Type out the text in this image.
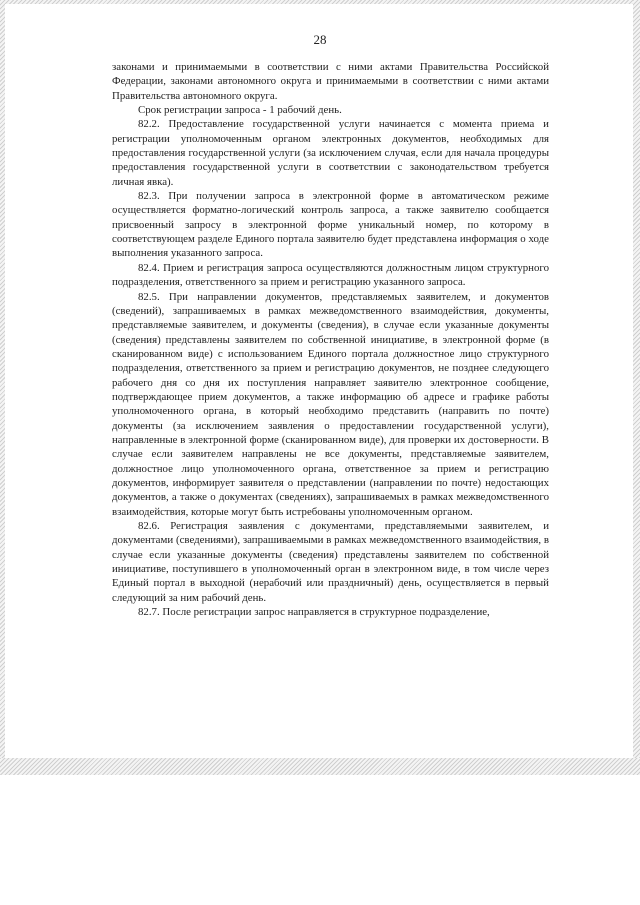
28

законами и принимаемыми в соответствии с ними актами Правительства Российской Федерации, законами автономного округа и принимаемыми в соответствии с ними актами Правительства автономного округа.

Срок регистрации запроса - 1 рабочий день.

82.2. Предоставление государственной услуги начинается с момента приема и регистрации уполномоченным органом электронных документов, необходимых для предоставления государственной услуги (за исключением случая, если для начала процедуры предоставления государственной услуги в соответствии с законодательством требуется личная явка).

82.3. При получении запроса в электронной форме в автоматическом режиме осуществляется форматно-логический контроль запроса, а также заявителю сообщается присвоенный запросу в электронной форме уникальный номер, по которому в соответствующем разделе Единого портала заявителю будет представлена информация о ходе выполнения указанного запроса.

82.4. Прием и регистрация запроса осуществляются должностным лицом структурного подразделения, ответственного за прием и регистрацию указанного запроса.

82.5. При направлении документов, представляемых заявителем, и документов (сведений), запрашиваемых в рамках межведомственного взаимодействия, документы, представляемые заявителем, и документы (сведения), в случае если указанные документы (сведения) представлены заявителем по собственной инициативе, в электронной форме (в сканированном виде) с использованием Единого портала должностное лицо структурного подразделения, ответственного за прием и регистрацию документов, не позднее следующего рабочего дня со дня их поступления направляет заявителю электронное сообщение, подтверждающее прием документов, а также информацию об адресе и графике работы уполномоченного органа, в который необходимо представить (направить по почте) документы (за исключением заявления о предоставлении государственной услуги), направленные в электронной форме (сканированном виде), для проверки их достоверности. В случае если заявителем направлены не все документы, представляемые заявителем, должностное лицо уполномоченного органа, ответственное за прием и регистрацию документов, информирует заявителя о представлении (направлении по почте) недостающих документов, а также о документах (сведениях), запрашиваемых в рамках межведомственного взаимодействия, которые могут быть истребованы уполномоченным органом.

82.6. Регистрация заявления с документами, представляемыми заявителем, и документами (сведениями), запрашиваемыми в рамках межведомственного взаимодействия, в случае если указанные документы (сведения) представлены заявителем по собственной инициативе, поступившего в уполномоченный орган в электронном виде, в том числе через Единый портал в выходной (нерабочий или праздничный) день, осуществляется в первый следующий за ним рабочий день.

82.7. После регистрации запрос направляется в структурное подразделение,
